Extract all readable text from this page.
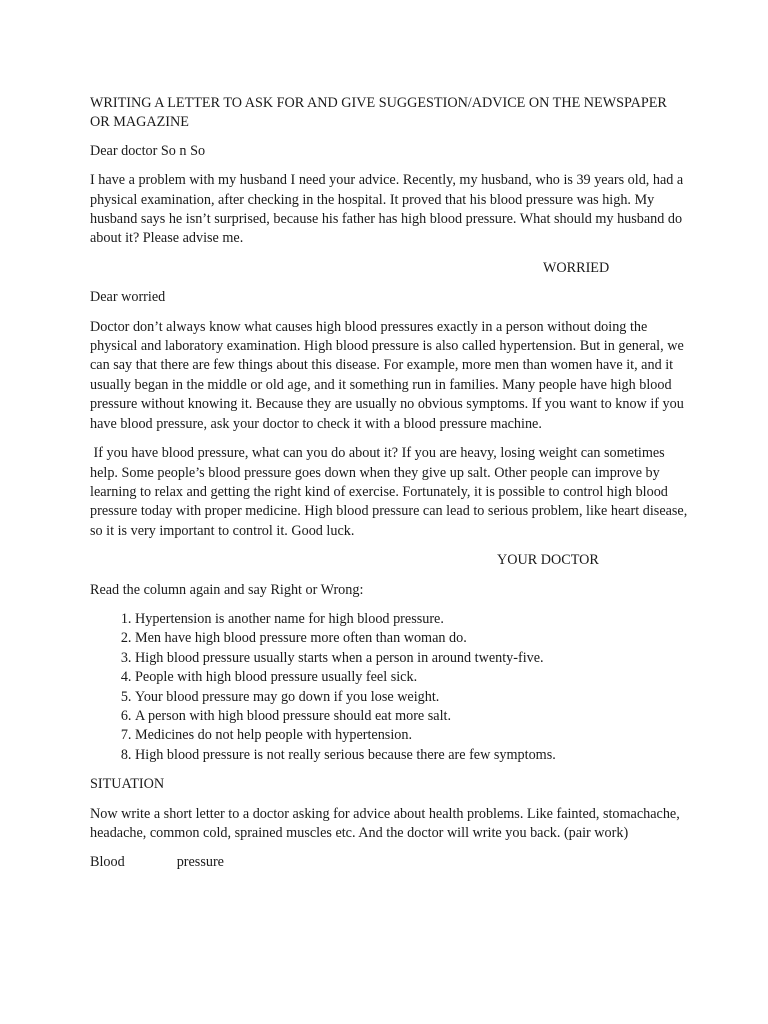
WRITING A LETTER TO ASK FOR AND GIVE SUGGESTION/ADVICE ON THE NEWSPAPER OR MAGAZINE

Dear doctor So n So

I have a problem with my husband I need your advice. Recently, my husband, who is 39 years old, had a physical examination, after checking in the hospital. It proved that his blood pressure was high. My husband says he isn’t surprised, because his father has high blood pressure. What should my husband do about it? Please advise me.

WORRIED

Dear worried

Doctor don’t always know what causes high blood pressures exactly in a person without doing the physical and laboratory examination. High blood pressure is also called hypertension. But in general, we can say that there are few things about this disease. For example, more men than women have it, and it usually began in the middle or old age, and it something run in families. Many people have high blood pressure without knowing it. Because they are usually no obvious symptoms. If you want to know if you have blood pressure, ask your doctor to check it with a blood pressure machine.

If you have blood pressure, what can you do about it? If you are heavy, losing weight can sometimes help. Some people’s blood pressure goes down when they give up salt. Other people can improve by learning to relax and getting the right kind of exercise. Fortunately, it is possible to control high blood pressure today with proper medicine. High blood pressure can lead to serious problem, like heart disease, so it is very important to control it. Good luck.

YOUR DOCTOR

Read the column again and say Right or Wrong:

1. Hypertension is another name for high blood pressure.
2. Men have high blood pressure more often than woman do.
3. High blood pressure usually starts when a person in around twenty-five.
4. People with high blood pressure usually feel sick.
5. Your blood pressure may go down if you lose weight.
6. A person with high blood pressure should eat more salt.
7. Medicines do not help people with hypertension.
8. High blood pressure is not really serious because there are few symptoms.

SITUATION

Now write a short letter to a doctor asking for advice about health problems. Like fainted, stomachache, headache, common cold, sprained muscles etc. And the doctor will write you back. (pair work)

Blood	pressure
